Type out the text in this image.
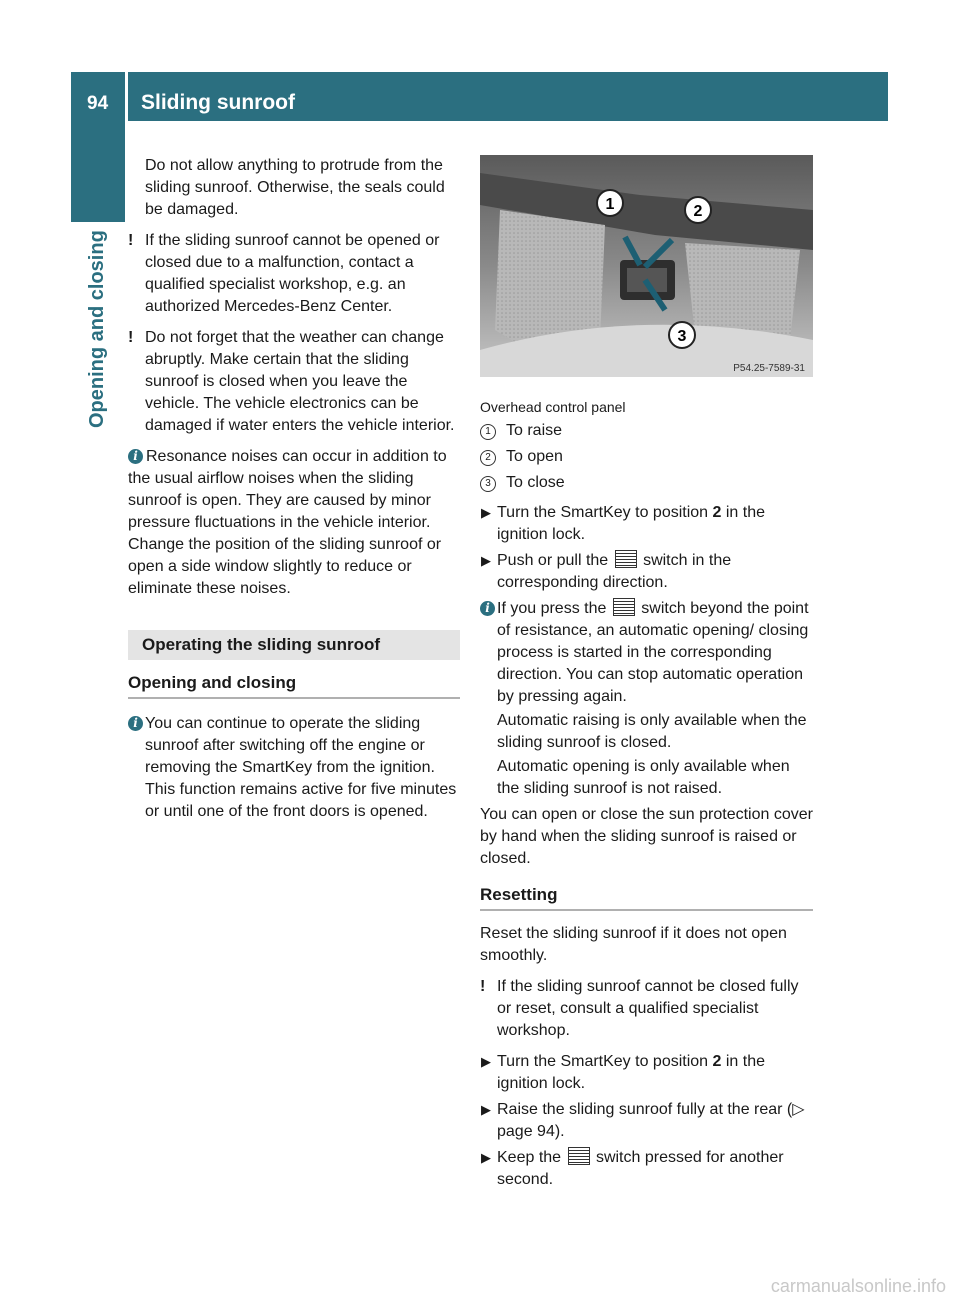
94 Sliding sunroof
Opening and closing

Do not allow anything to protrude from the sliding sunroof. Otherwise, the seals could be damaged.

! If the sliding sunroof cannot be opened or closed due to a malfunction, contact a qualified specialist workshop, e.g. an authorized Mercedes-Benz Center.
! Do not forget that the weather can change abruptly. Make certain that the sliding sunroof is closed when you leave the vehicle. The vehicle electronics can be damaged if water enters the vehicle interior.
i Resonance noises can occur in addition to the usual airflow noises when the sliding sunroof is open. They are caused by minor pressure fluctuations in the vehicle interior. Change the position of the sliding sunroof or open a side window slightly to reduce or eliminate these noises.
Operating the sliding sunroof
Opening and closing
i You can continue to operate the sliding sunroof after switching off the engine or removing the SmartKey from the ignition. This function remains active for five minutes or until one of the front doors is opened.
1	2
3
P54.25-7589-31

Overhead control panel

1 To raise
2 To open
3 To close
▶ Turn the SmartKey to position 2 in the ignition lock.
▶ Push or pull the  switch in the corresponding direction.
i If you press the  switch beyond the point of resistance, an automatic opening/ closing process is started in the corresponding direction. You can stop automatic operation by pressing again.

Automatic raising is only available when the sliding sunroof is closed.

Automatic opening is only available when the sliding sunroof is not raised.

You can open or close the sun protection cover by hand when the sliding sunroof is raised or closed.

Resetting

Reset the sliding sunroof if it does not open smoothly.

! If the sliding sunroof cannot be closed fully or reset, consult a qualified specialist workshop.
▶ Turn the SmartKey to position 2 in the ignition lock.
▶ Raise the sliding sunroof fully at the rear (▷ page 94).
▶ Keep the  switch pressed for another second.
carmanualsonline.info
